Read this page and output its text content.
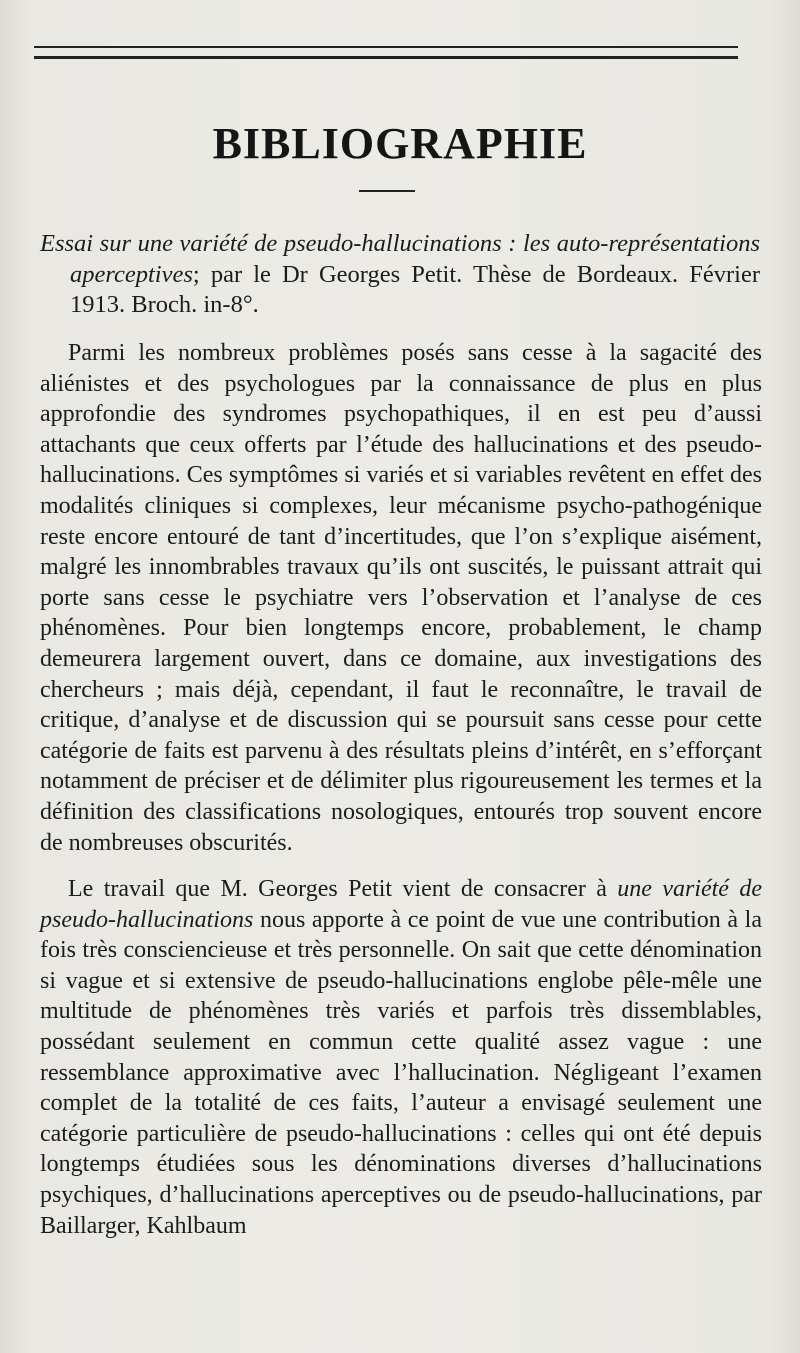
BIBLIOGRAPHIE
Essai sur une variété de pseudo-hallucinations : les auto-représentations aperceptives; par le Dr Georges Petit. Thèse de Bordeaux. Février 1913. Broch. in-8°.

Parmi les nombreux problèmes posés sans cesse à la sagacité des aliénistes et des psychologues par la connaissance de plus en plus approfondie des syndromes psychopathiques, il en est peu d’aussi attachants que ceux offerts par l’étude des hallucinations et des pseudo-hallucinations. Ces symptômes si variés et si variables revêtent en effet des modalités cliniques si complexes, leur mécanisme psycho-pathogénique reste encore entouré de tant d’incertitudes, que l’on s’explique aisément, malgré les innombrables travaux qu’ils ont suscités, le puissant attrait qui porte sans cesse le psychiatre vers l’observation et l’analyse de ces phénomènes. Pour bien longtemps encore, probablement, le champ demeurera largement ouvert, dans ce domaine, aux investigations des chercheurs ; mais déjà, cependant, il faut le reconnaître, le travail de critique, d’analyse et de discussion qui se poursuit sans cesse pour cette catégorie de faits est parvenu à des résultats pleins d’intérêt, en s’efforçant notamment de préciser et de délimiter plus rigoureusement les termes et la définition des classifications nosologiques, entourés trop souvent encore de nombreuses obscurités.

Le travail que M. Georges Petit vient de consacrer à une variété de pseudo-hallucinations nous apporte à ce point de vue une contribution à la fois très consciencieuse et très personnelle. On sait que cette dénomination si vague et si extensive de pseudo-hallucinations englobe pêle-mêle une multitude de phénomènes très variés et parfois très dissemblables, possédant seulement en commun cette qualité assez vague : une ressemblance approximative avec l’hallucination. Négligeant l’examen complet de la totalité de ces faits, l’auteur a envisagé seulement une catégorie particulière de pseudo-hallucinations : celles qui ont été depuis longtemps étudiées sous les dénominations diverses d’hallucinations psychiques, d’hallucinations aperceptives ou de pseudo-hallucinations, par Baillarger, Kahlbaum
